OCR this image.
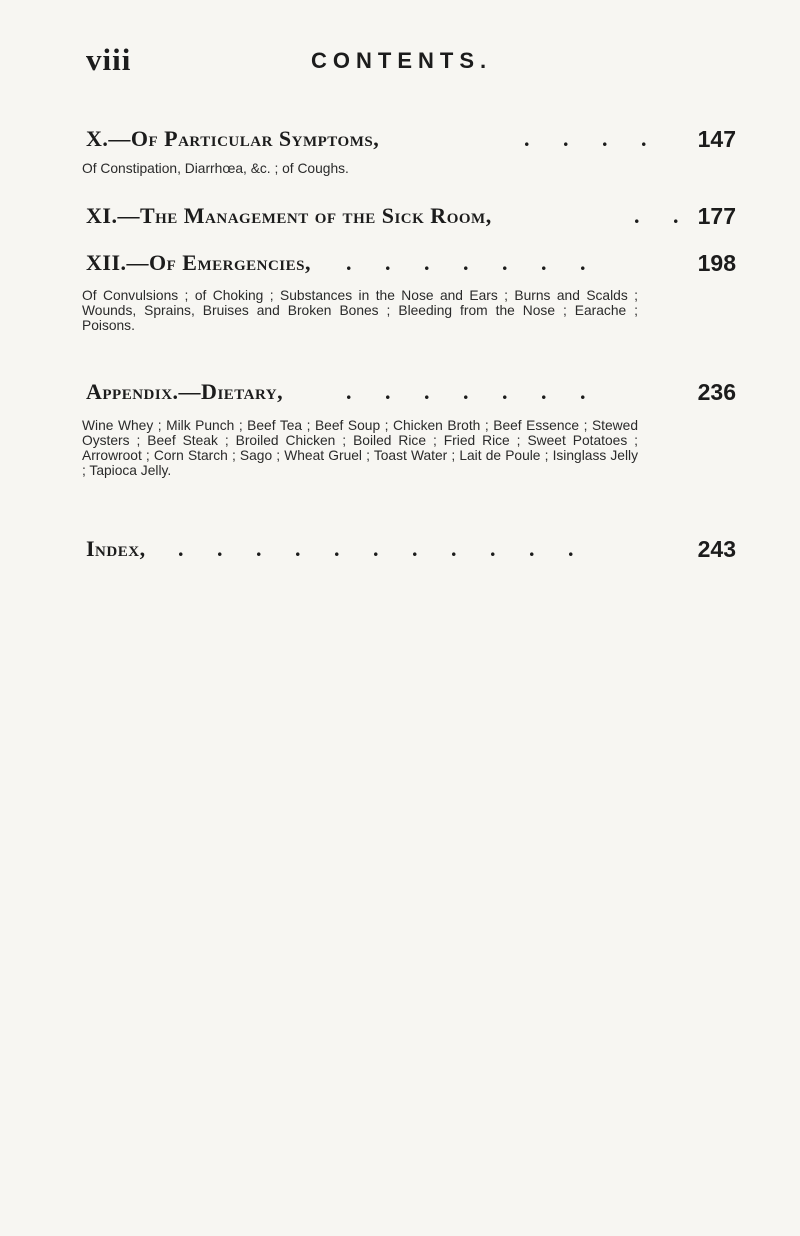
viii	CONTENTS.
X.—Of Particular Symptoms,	. . . . 147
Of Constipation, Diarrhœa, &c. ; of Coughs.
XI.—The Management of the Sick Room,	. . 177
XII.—Of Emergencies, . . . . . . .	198
Of Convulsions ; of Choking ; Substances in the Nose and Ears ; Burns and Scalds ; Wounds, Sprains, Bruises and Broken Bones ; Bleeding from the Nose ; Earache ; Poisons.
Appendix.—Dietary,	. . . . . . .	236
Wine Whey ; Milk Punch ; Beef Tea ; Beef Soup ; Chicken Broth ; Beef Essence ; Stewed Oysters ; Beef Steak ; Broiled Chicken ; Boiled Rice ; Fried Rice ; Sweet Potatoes ; Arrowroot ; Corn Starch ; Sago ; Wheat Gruel ; Toast Water ; Lait de Poule ; Isinglass Jelly ; Tapioca Jelly.
Index, . . . . . . . . . . .	243
